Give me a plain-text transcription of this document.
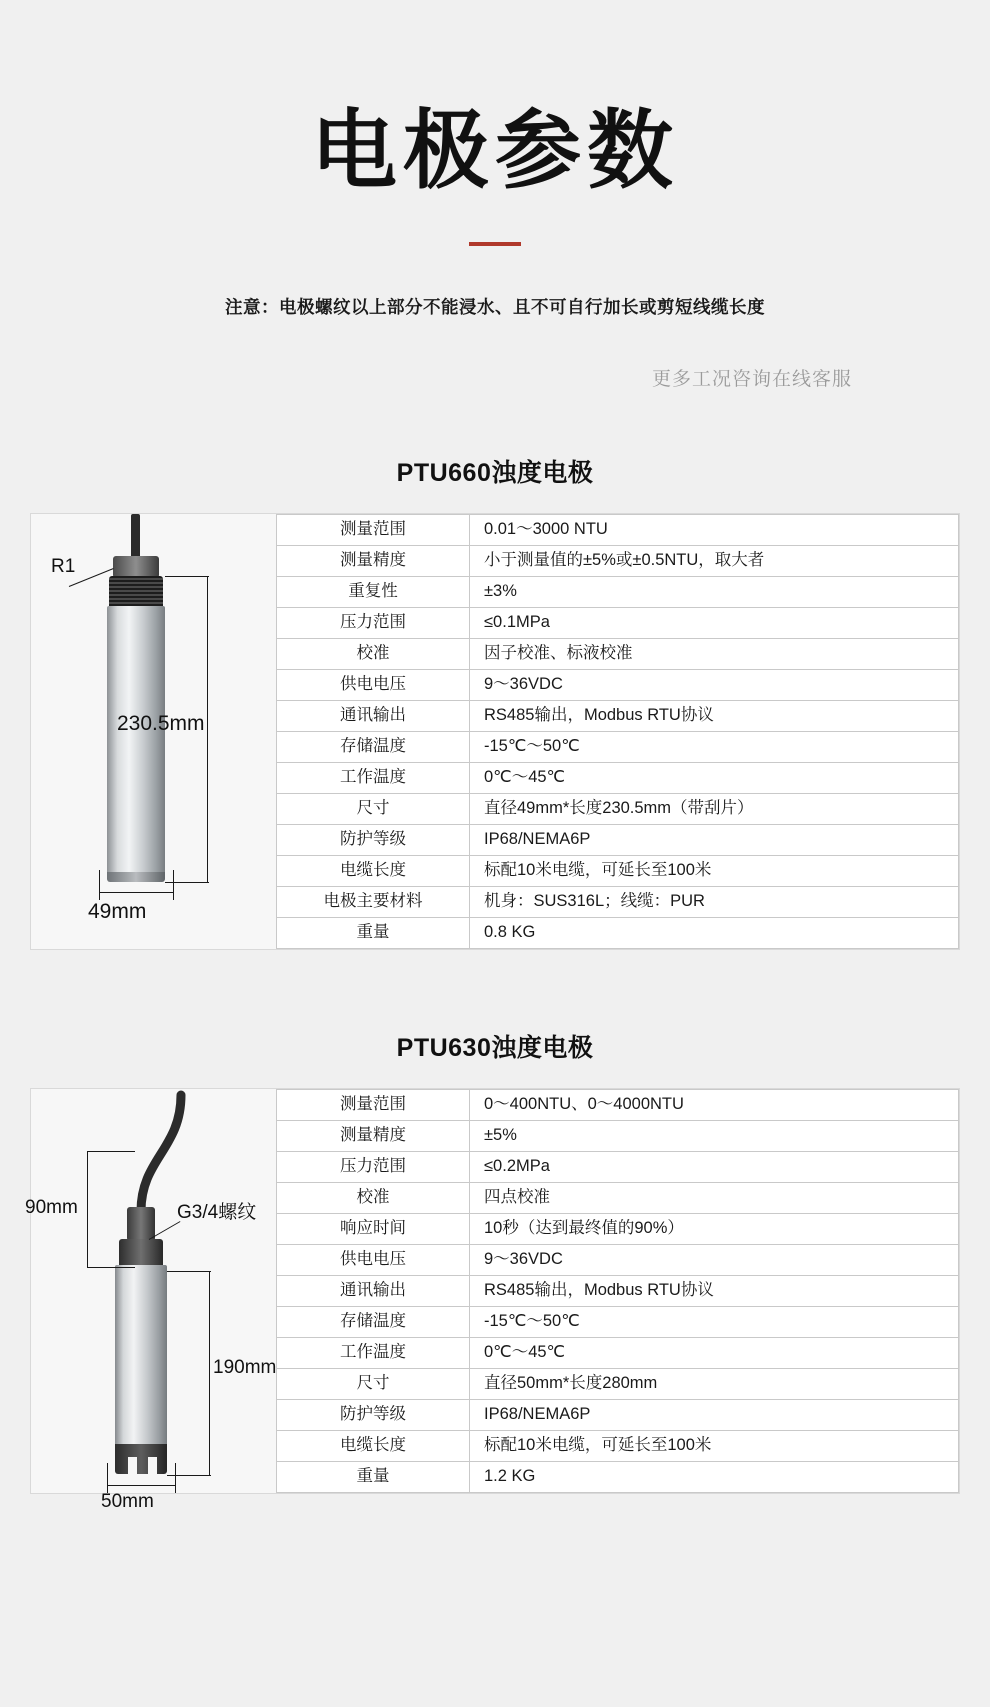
电极参数
注意：电极螺纹以上部分不能浸水、且不可自行加长或剪短线缆长度
更多工况咨询在线客服
PTU660浊度电极
R1
230.5mm
49mm
测量范围	0.01～3000 NTU
测量精度	小于测量值的±5%或±0.5NTU，取大者
重复性	±3%
压力范围	≤0.1MPa
校准	因子校准、标液校准
供电电压	9～36VDC
通讯输出	RS485输出，Modbus RTU协议
存储温度	-15℃～50℃
工作温度	0℃～45℃
尺寸	直径49mm*长度230.5mm（带刮片）
防护等级	IP68/NEMA6P
电缆长度	标配10米电缆，可延长至100米
电极主要材料	机身：SUS316L；线缆：PUR
重量	0.8 KG
PTU630浊度电极
90mm	G3/4螺纹
190mm
50mm
测量范围	0～400NTU、0～4000NTU
测量精度	±5%
压力范围	≤0.2MPa
校准	四点校准
响应时间	10秒（达到最终值的90%）
供电电压	9～36VDC
通讯输出	RS485输出，Modbus RTU协议
存储温度	-15℃～50℃
工作温度	0℃～45℃
尺寸	直径50mm*长度280mm
防护等级	IP68/NEMA6P
电缆长度	标配10米电缆，可延长至100米
重量	1.2 KG
